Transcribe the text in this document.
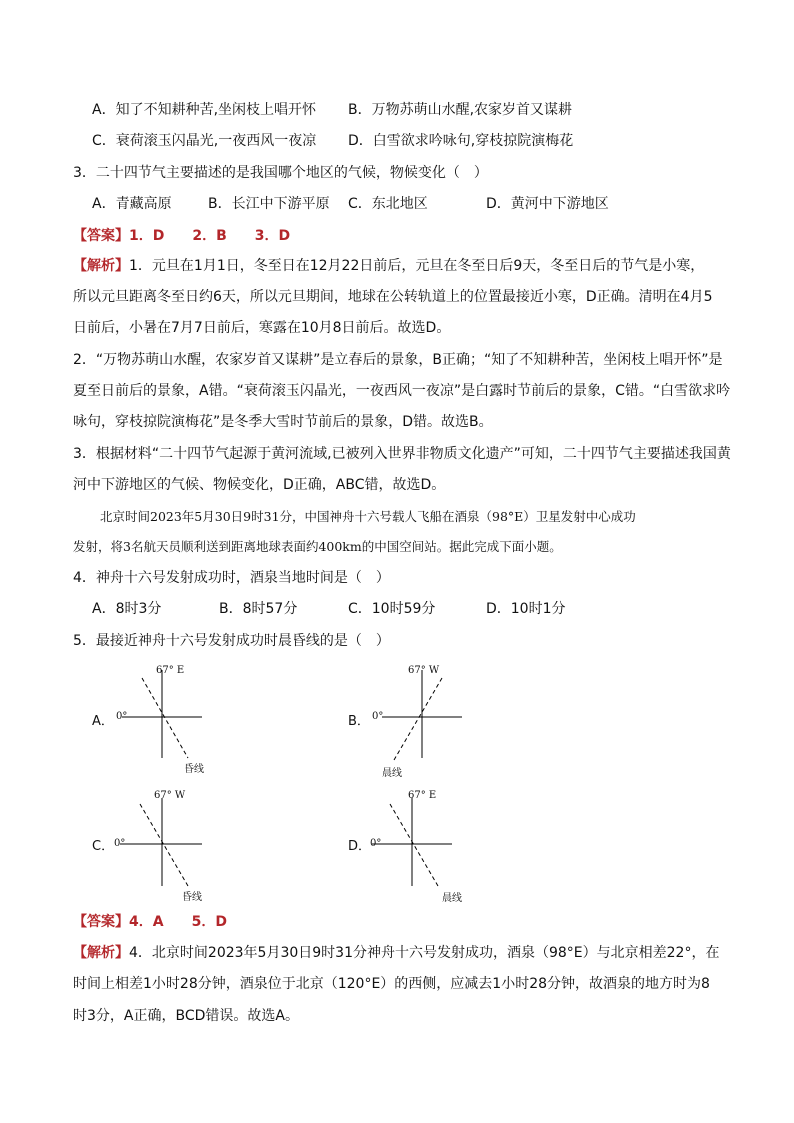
A．知了不知耕种苦,坐闲枝上唱开怀 B．万物苏萌山水醒,农家岁首又谋耕
C．衰荷滚玉闪晶光,一夜西风一夜凉 D．白雪欲求吟咏句,穿枝掠院演梅花
3．二十四节气主要描述的是我国哪个地区的气候，物候变化（　）
A．青藏高原	B．长江中下游平原 C．东北地区	D．黄河中下游地区
【答案】1．D　　2．B　　3．D
【解析】1．元旦在1月1日，冬至日在12月22日前后，元旦在冬至日后9天，冬至日后的节气是小寒，
所以元旦距离冬至日约6天，所以元旦期间，地球在公转轨道上的位置最接近小寒，D正确。清明在4月5
日前后，小暑在7月7日前后，寒露在10月8日前后。故选D。
2．“万物苏萌山水醒，农家岁首又谋耕”是立春后的景象，B正确；“知了不知耕种苦，坐闲枝上唱开怀”是
夏至日前后的景象，A错。“衰荷滚玉闪晶光，一夜西风一夜凉”是白露时节前后的景象，C错。“白雪欲求吟
咏句，穿枝掠院演梅花”是冬季大雪时节前后的景象，D错。故选B。
3．根据材料“二十四节气起源于黄河流域,已被列入世界非物质文化遗产”可知，二十四节气主要描述我国黄
河中下游地区的气候、物候变化，D正确，ABC错，故选D。
北京时间2023年5月30日9时31分，中国神舟十六号载人飞船在酒泉（98°E）卫星发射中心成功
发射，将3名航天员顺利送到距离地球表面约400km的中国空间站。据此完成下面小题。
4．神舟十六号发射成功时，酒泉当地时间是（　）
A．8时3分	B．8时57分	C．10时59分	D．10时1分
5．最接近神舟十六号发射成功时晨昏线的是（　）
A．
67° E
0°
昏线
B．
67° W
0°
晨线
C．
67° W
0°
昏线
D．
67° E
0°
晨线
【答案】4．A　　5．D
【解析】4．北京时间2023年5月30日9时31分神舟十六号发射成功，酒泉（98°E）与北京相差22°，在
时间上相差1小时28分钟，酒泉位于北京（120°E）的西侧，应减去1小时28分钟，故酒泉的地方时为8
时3分，A正确，BCD错误。故选A。
